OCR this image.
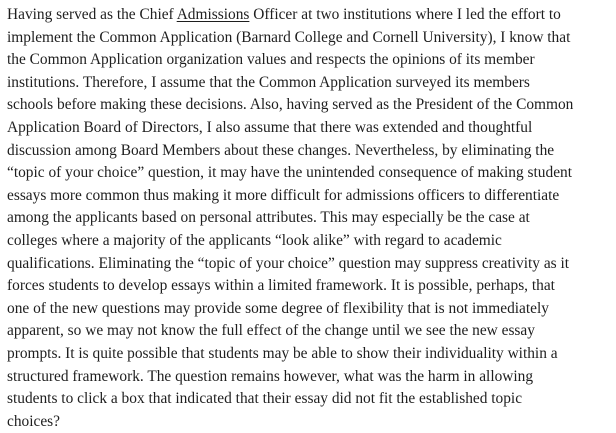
Having served as the Chief Admissions Officer at two institutions where I led the effort to
implement the Common Application (Barnard College and Cornell University), I know that
the Common Application organization values and respects the opinions of its member
institutions. Therefore, I assume that the Common Application surveyed its members
schools before making these decisions. Also, having served as the President of the Common
Application Board of Directors, I also assume that there was extended and thoughtful
discussion among Board Members about these changes. Nevertheless, by eliminating the
“topic of your choice” question, it may have the unintended consequence of making student
essays more common thus making it more difficult for admissions officers to differentiate
among the applicants based on personal attributes. This may especially be the case at
colleges where a majority of the applicants “look alike” with regard to academic
qualifications. Eliminating the “topic of your choice” question may suppress creativity as it
forces students to develop essays within a limited framework. It is possible, perhaps, that
one of the new questions may provide some degree of flexibility that is not immediately
apparent, so we may not know the full effect of the change until we see the new essay
prompts. It is quite possible that students may be able to show their individuality within a
structured framework. The question remains however, what was the harm in allowing
students to click a box that indicated that their essay did not fit the established topic
choices?
